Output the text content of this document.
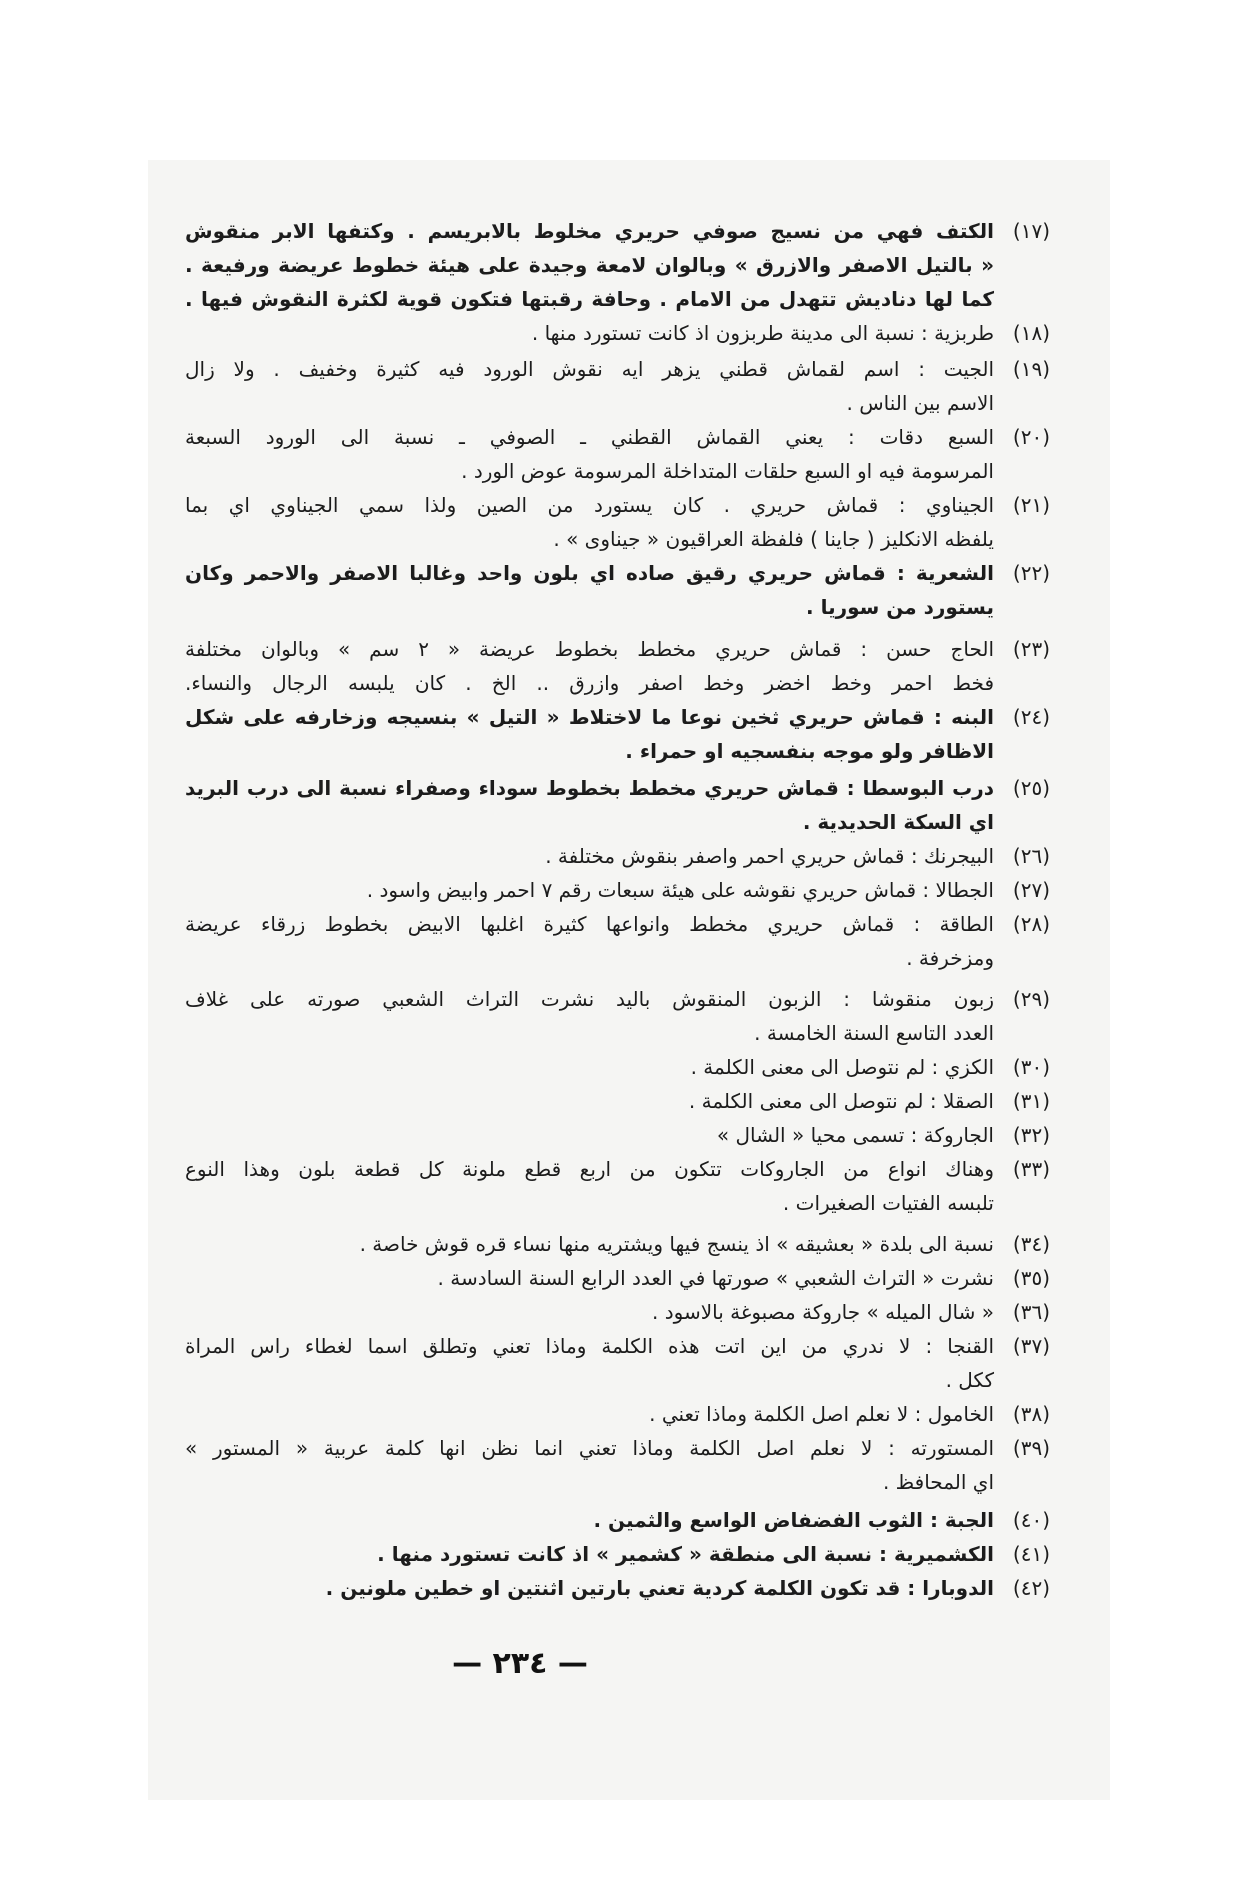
(١٧)
الكتف فهي من نسيج صوفي حريري مخلوط بالابريسم . وكتفها الابر منقوش
« بالتيل الاصفر والازرق » وبالوان لامعة وجيدة على هيئة خطوط عريضة ورفيعة .
كما لها دناديش تتهدل من الامام . وحافة رقبتها فتكون قوية لكثرة النقوش فيها .
(١٨)
طربزية : نسبة الى مدينة طربزون اذ كانت تستورد منها .
(١٩)
الجيت : اسم لقماش قطني يزهر ايه نقوش الورود فيه كثيرة وخفيف . ولا زال
الاسم بين الناس .
(٢٠)
السبع دقات : يعني القماش القطني ـ الصوفي ـ نسبة الى الورود السبعة
المرسومة فيه او السبع حلقات المتداخلة المرسومة عوض الورد .
(٢١)
الجيناوي : قماش حريري . كان يستورد من الصين ولذا سمي الجيناوي اي بما
يلفظه الانكليز ( جاينا ) فلفظة العراقيون « جيناوى » .
(٢٢)
الشعرية : قماش حريري رقيق صاده اي بلون واحد وغالبا الاصفر والاحمر وكان
يستورد من سوريا .
(٢٣)
الحاج حسن : قماش حريري مخطط بخطوط عريضة « ٢ سم » وبالوان مختلفة
فخط احمر وخط اخضر وخط اصفر وازرق .. الخ . كان يلبسه الرجال والنساء.
(٢٤)
البنه : قماش حريري ثخين نوعا ما لاختلاط « التيل » بنسيجه وزخارفه على شكل
الاظافر ولو موجه بنفسجيه او حمراء .
(٢٥)
درب البوسطا : قماش حريري مخطط بخطوط سوداء وصفراء نسبة الى درب البريد
اي السكة الحديدية .
(٢٦)
البيجرنك : قماش حريري احمر واصفر بنقوش مختلفة .
(٢٧)
الجطالا : قماش حريري نقوشه على هيئة سبعات رقم ٧ احمر وابيض واسود .
(٢٨)
الطاقة : قماش حريري مخطط وانواعها كثيرة اغلبها الابيض بخطوط زرقاء عريضة
ومزخرفة .
(٢٩)
زبون منقوشا : الزبون المنقوش باليد نشرت التراث الشعبي صورته على غلاف
العدد التاسع السنة الخامسة .
(٣٠)
الكزي : لم نتوصل الى معنى الكلمة .
(٣١)
الصقلا : لم نتوصل الى معنى الكلمة .
(٣٢)
الجاروكة : تسمى محيا « الشال »
(٣٣)
وهناك انواع من الجاروكات تتكون من اربع قطع ملونة كل قطعة بلون وهذا النوع
تلبسه الفتيات الصغيرات .
(٣٤)
نسبة الى بلدة « بعشيقه » اذ ينسج فيها ويشتريه منها نساء قره قوش خاصة .
(٣٥)
نشرت « التراث الشعبي » صورتها في العدد الرابع السنة السادسة .
(٣٦)
« شال الميله » جاروكة مصبوغة بالاسود .
(٣٧)
القنجا : لا ندري من اين اتت هذه الكلمة وماذا تعني وتطلق اسما لغطاء راس المراة
ككل .
(٣٨)
الخامول : لا نعلم اصل الكلمة وماذا تعني .
(٣٩)
المستورته : لا نعلم اصل الكلمة وماذا تعني انما نظن انها كلمة عربية « المستور »
اي المحافظ .
(٤٠)
الجبة : الثوب الفضفاض الواسع والثمين .
(٤١)
الكشميرية : نسبة الى منطقة « كشمير » اذ كانت تستورد منها .
(٤٢)
الدوبارا : قد تكون الكلمة كردية تعني بارتين اثنتين او خطين ملونين .
— ٢٣٤ —
